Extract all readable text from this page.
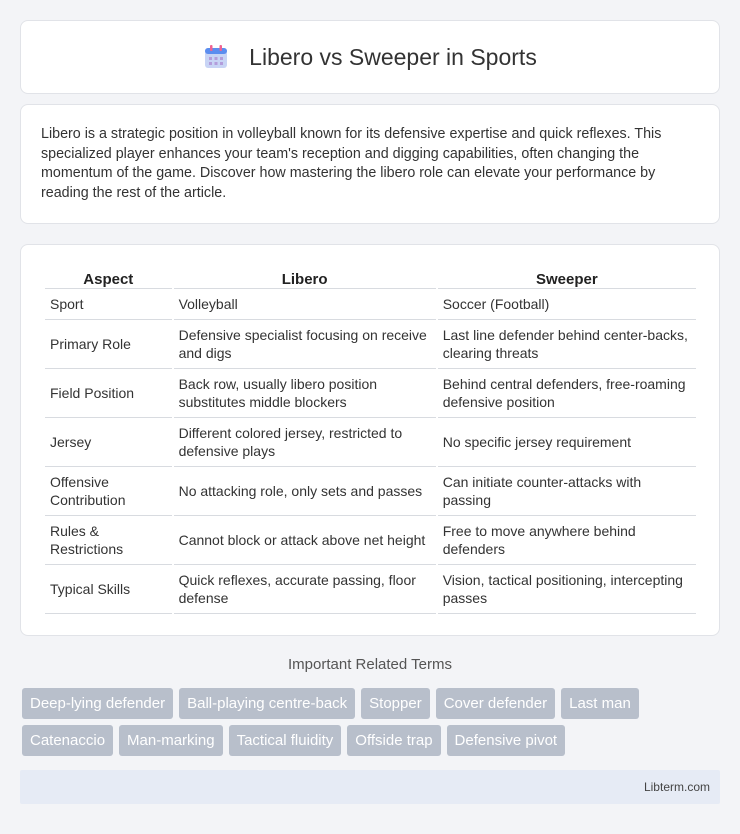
Libero vs Sweeper in Sports

Libero is a strategic position in volleyball known for its defensive expertise and quick reflexes. This specialized player enhances your team's reception and digging capabilities, often changing the momentum of the game. Discover how mastering the libero role can elevate your performance by reading the rest of the article.

Aspect	Libero	Sweeper
Sport	Volleyball	Soccer (Football)
Primary Role	Defensive specialist focusing on receive and digs	Last line defender behind center-backs, clearing threats
Field Position	Back row, usually libero position substitutes middle blockers	Behind central defenders, free-roaming defensive position
Jersey	Different colored jersey, restricted to defensive plays	No specific jersey requirement
Offensive Contribution	No attacking role, only sets and passes	Can initiate counter-attacks with passing
Rules & Restrictions	Cannot block or attack above net height	Free to move anywhere behind defenders
Typical Skills	Quick reflexes, accurate passing, floor defense	Vision, tactical positioning, intercepting passes
Important Related Terms
Deep-lying defender	Ball-playing centre-back	Stopper	Cover defender	Last man
Catenaccio	Man-marking	Tactical fluidity	Offside trap	Defensive pivot
Libterm.com
